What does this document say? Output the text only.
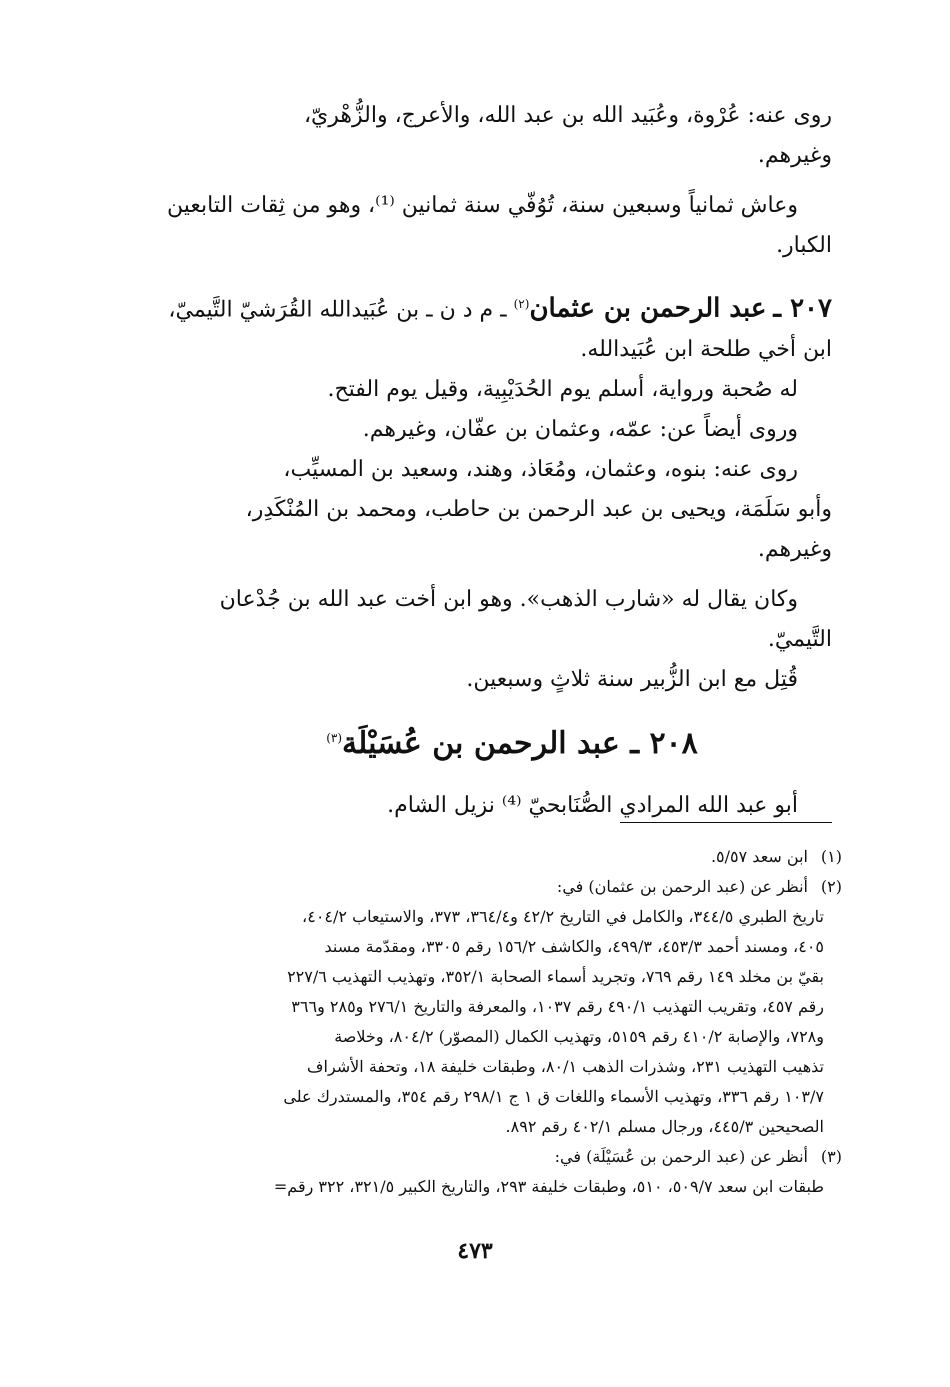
روى عنه: عُرْوة، وعُبَيد الله بن عبد الله، والأعرج، والزُّهْريّ،

وغيرهم.

وعاش ثمانياً وسبعين سنة، تُوُفّي سنة ثمانين ⁽¹⁾، وهو من ثِقات التابعين

الكبار.

٢٠٧ ـ عبد الرحمن بن عثمان$^{(٢)}$ ـ م د ن ـ بن عُبَيدالله القُرَشيّ التَّيميّ،

ابن أخي طلحة ابن عُبَيدالله.

له صُحبة ورواية، أسلم يوم الحُدَيْبِية، وقيل يوم الفتح.

وروى أيضاً عن: عمّه، وعثمان بن عفّان، وغيرهم.

روى عنه: بنوه، وعثمان، ومُعَاذ، وهند، وسعيد بن المسيِّب،

وأبو سَلَمَة، ويحيى بن عبد الرحمن بن حاطب، ومحمد بن المُنْكَدِر،

وغيرهم.

وكان يقال له «شارب الذهب». وهو ابن أخت عبد الله بن جُدْعان

التَّيميّ.

قُتِل مع ابن الزُّبير سنة ثلاثٍ وسبعين.

٢٠٨ ـ عبد الرحمن بن عُسَيْلَة$^{(٣)}$

أبو عبد الله المرادي الصُّنَابحيّ ⁽⁴⁾ نزيل الشام.

(١)
ابن سعد ٥/٥٧.
(٢)
أنظر عن (عبد الرحمن بن عثمان) في:
تاريخ الطبري ٣٤٤/٥، والكامل في التاريخ ٤٢/٢ و٣٦٤/٤، ٣٧٣، والاستيعاب ٤٠٤/٢،
٤٠٥، ومسند أحمد ٤٥٣/٣، ٤٩٩/٣، والكاشف ١٥٦/٢ رقم ٣٣٠٥، ومقدّمة مسند
بقيّ بن مخلد ١٤٩ رقم ٧٦٩، وتجريد أسماء الصحابة ٣٥٢/١، وتهذيب التهذيب ٢٢٧/٦
رقم ٤٥٧، وتقريب التهذيب ٤٩٠/١ رقم ١٠٣٧، والمعرفة والتاريخ ٢٧٦/١ و٢٨٥ و٣٦٦
و٧٢٨، والإصابة ٤١٠/٢ رقم ٥١٥٩، وتهذيب الكمال (المصوّر) ٨٠٤/٢، وخلاصة
تذهيب التهذيب ٢٣١، وشذرات الذهب ٨٠/١، وطبقات خليفة ١٨، وتحفة الأشراف
١٠٣/٧ رقم ٣٣٦، وتهذيب الأسماء واللغات ق ١ ج ٢٩٨/١ رقم ٣٥٤، والمستدرك على
الصحيحين ٤٤٥/٣، ورجال مسلم ٤٠٢/١ رقم ٨٩٢.
(٣)
أنظر عن (عبد الرحمن بن عُسَيْلَة) في:
طبقات ابن سعد ٥٠٩/٧، ٥١٠، وطبقات خليفة ٢٩٣، والتاريخ الكبير ٣٢١/٥، ٣٢٢ رقم=
٤٧٣
